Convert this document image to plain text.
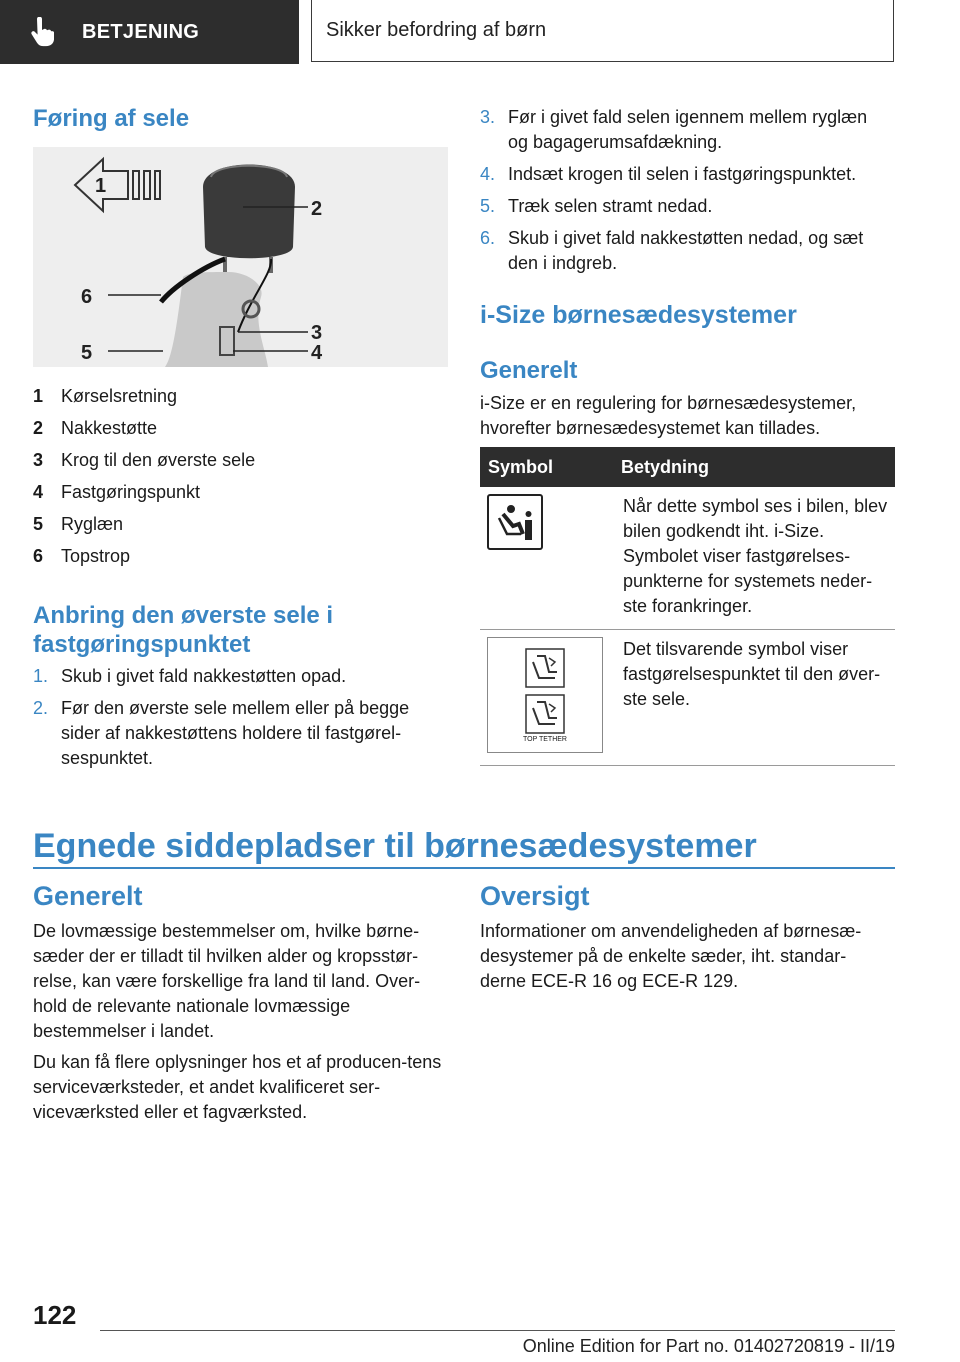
BETJENING	Sikker befordring af børn
Føring af sele
1
2
3
4
5
6
1 Kørselsretning
2 Nakkestøtte
3 Krog til den øverste sele
4 Fastgøringspunkt
5 Ryglæn
6 Topstrop
Anbring den øverste sele i
fastgøringspunktet
1. Skub i givet fald nakkestøtten opad.
2. Før den øverste sele mellem eller på begge sider af nakkestøttens holdere til fastgørel‐sespunktet.
3. Før i givet fald selen igennem mellem ryglæn og bagagerumsafdækning.
4. Indsæt krogen til selen i fastgøringspunktet.
5. Træk selen stramt nedad.
6. Skub i givet fald nakkestøtten nedad, og sæt den i indgreb.
i-Size børnesædesystemer
Generelt

i-Size er en regulering for børnesædesystemer, hvorefter børnesædesystemet kan tillades.

Symbol	Betydning

	Når dette symbol ses i bilen, blev bilen godkendt iht. i-Size. Symbolet viser fastgørelses‐punkterne for systemets neder‐ste forankringer.

TOP TETHER	Det tilsvarende symbol viser fastgørelsespunktet til den øver‐ste sele.
Egnede siddepladser til børnesædesystemer
Generelt

De lovmæssige bestemmelser om, hvilke børne‐sæder der er tilladt til hvilken alder og kropsstør‐relse, kan være forskellige fra land til land. Over‐hold de relevante nationale lovmæssige bestemmelser i landet.

Du kan få flere oplysninger hos et af producen‐tens serviceværksteder, et andet kvalificeret ser‐viceværksted eller et fagværksted.

Oversigt

Informationer om anvendeligheden af børnesæ‐desystemer på de enkelte sæder, iht. standar‐derne ECE-R 16 og ECE-R 129.

122
Online Edition for Part no. 01402720819 - II/19
